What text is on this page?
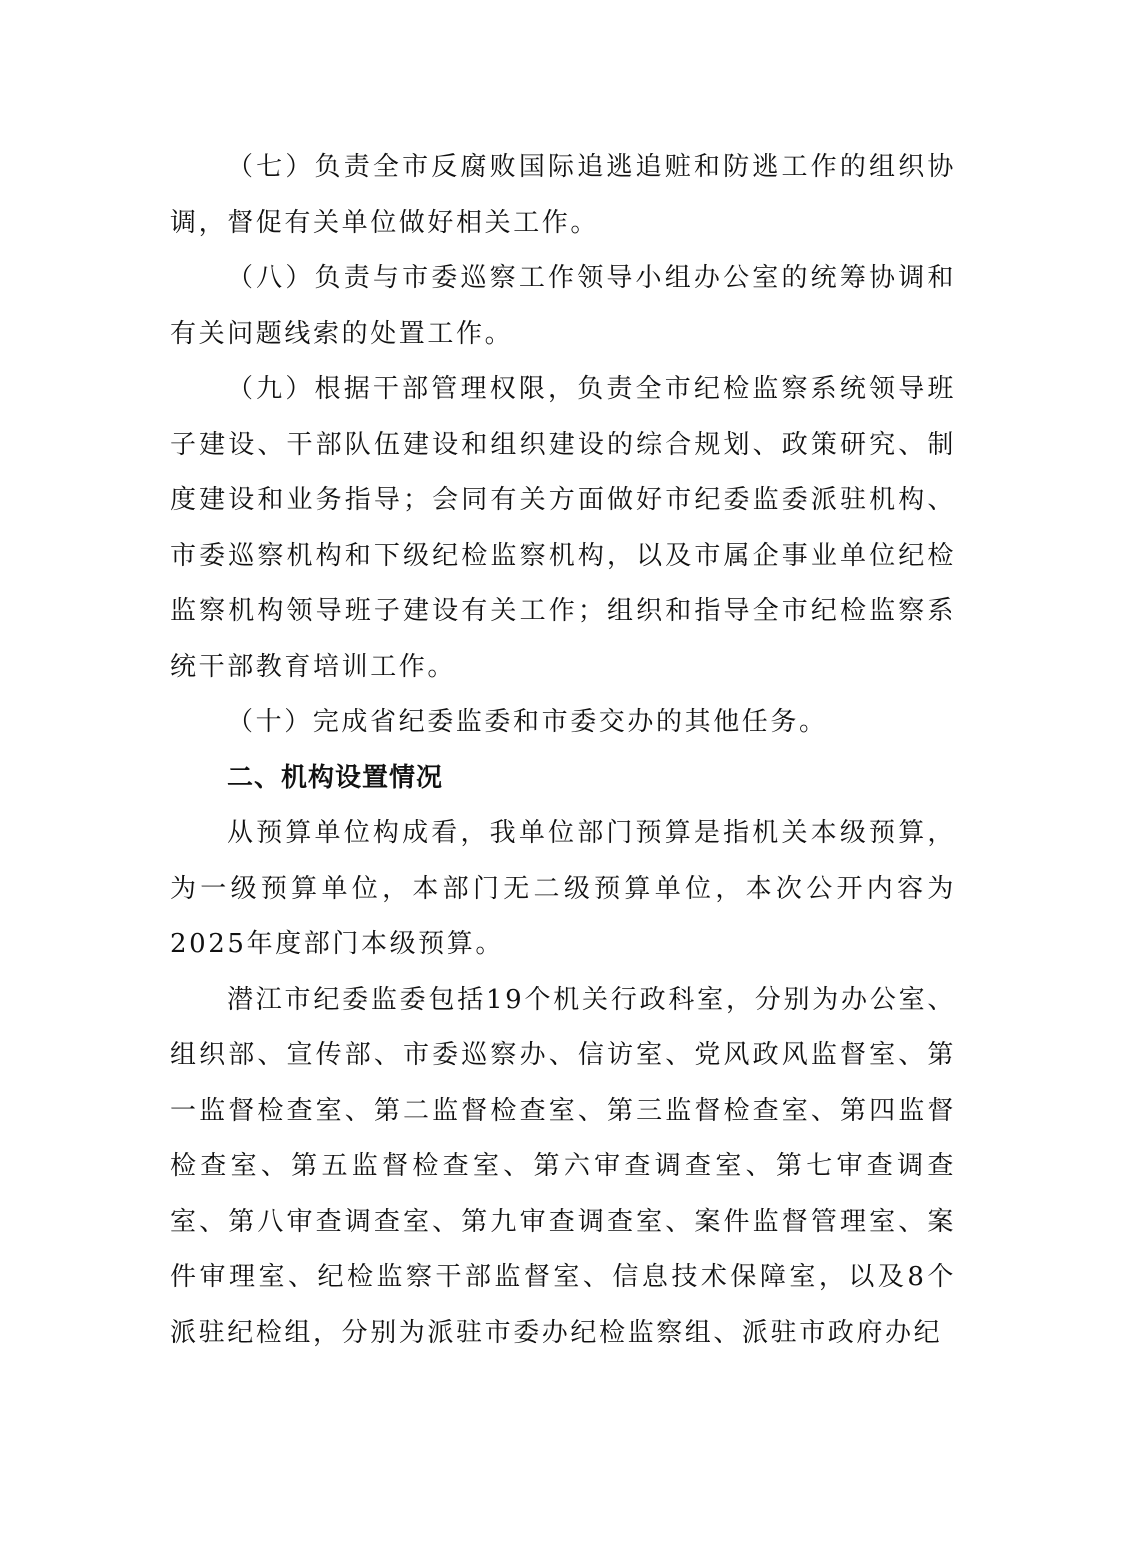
（七）负责全市反腐败国际追逃追赃和防逃工作的组织协调，督促有关单位做好相关工作。

（八）负责与市委巡察工作领导小组办公室的统筹协调和有关问题线索的处置工作。

（九）根据干部管理权限，负责全市纪检监察系统领导班子建设、干部队伍建设和组织建设的综合规划、政策研究、制度建设和业务指导；会同有关方面做好市纪委监委派驻机构、市委巡察机构和下级纪检监察机构，以及市属企事业单位纪检监察机构领导班子建设有关工作；组织和指导全市纪检监察系统干部教育培训工作。

（十）完成省纪委监委和市委交办的其他任务。

二、机构设置情况

从预算单位构成看，我单位部门预算是指机关本级预算，为一级预算单位，本部门无二级预算单位，本次公开内容为2025年度部门本级预算。

潜江市纪委监委包括19个机关行政科室，分别为办公室、组织部、宣传部、市委巡察办、信访室、党风政风监督室、第一监督检查室、第二监督检查室、第三监督检查室、第四监督检查室、第五监督检查室、第六审查调查室、第七审查调查室、第八审查调查室、第九审查调查室、案件监督管理室、案件审理室、纪检监察干部监督室、信息技术保障室，以及8个派驻纪检组，分别为派驻市委办纪检监察组、派驻市政府办纪
